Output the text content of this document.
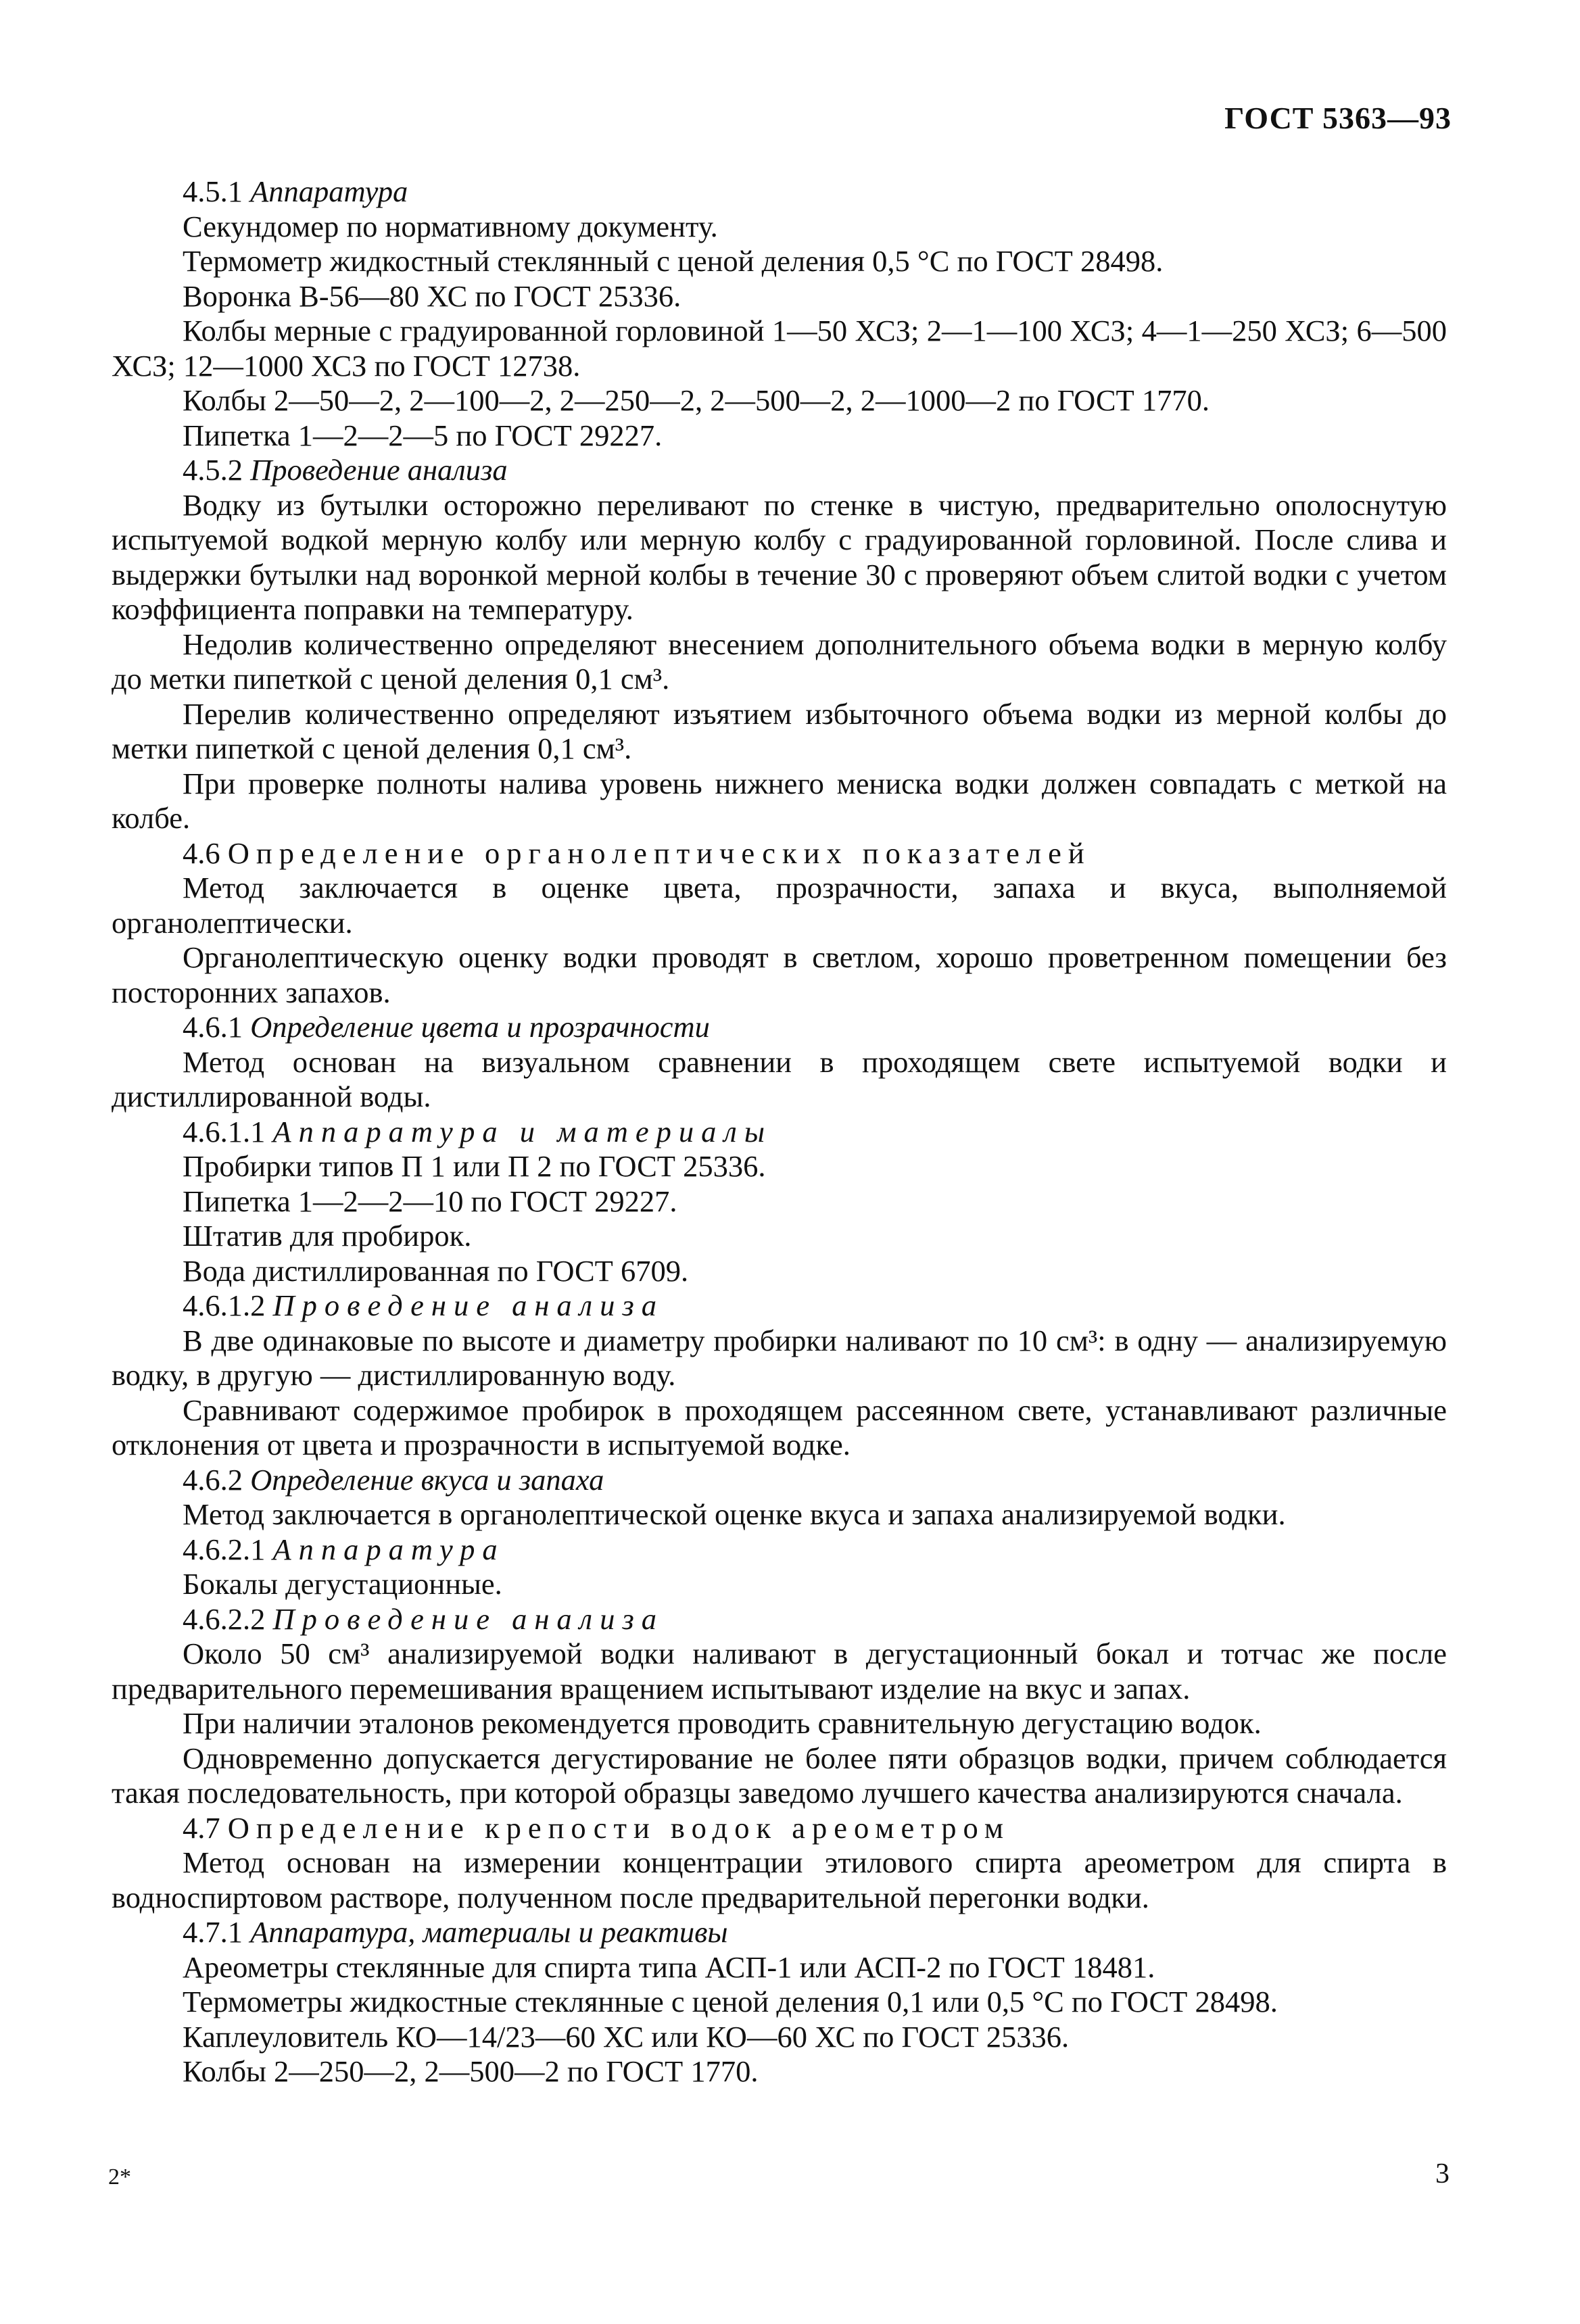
ГОСТ 5363—93

4.5.1 Аппаратура

Секундомер по нормативному документу.

Термометр жидкостный стеклянный с ценой деления 0,5 °С по ГОСТ 28498.

Воронка В-56—80 ХС по ГОСТ 25336.

Колбы мерные с градуированной горловиной 1—50 ХСЗ; 2—1—100 ХСЗ; 4—1—250 ХСЗ; 6—500 ХСЗ; 12—1000 ХСЗ по ГОСТ 12738.

Колбы 2—50—2, 2—100—2, 2—250—2, 2—500—2, 2—1000—2 по ГОСТ 1770.

Пипетка 1—2—2—5 по ГОСТ 29227.

4.5.2 Проведение анализа

Водку из бутылки осторожно переливают по стенке в чистую, предварительно ополоснутую испытуемой водкой мерную колбу или мерную колбу с градуированной горловиной. После слива и выдержки бутылки над воронкой мерной колбы в течение 30 с проверяют объем слитой водки с учетом коэффициента поправки на температуру.

Недолив количественно определяют внесением дополнительного объема водки в мерную колбу до метки пипеткой с ценой деления 0,1 см³.

Перелив количественно определяют изъятием избыточного объема водки из мерной колбы до метки пипеткой с ценой деления 0,1 см³.

При проверке полноты налива уровень нижнего мениска водки должен совпадать с меткой на колбе.

4.6 Определение органолептических показателей

Метод заключается в оценке цвета, прозрачности, запаха и вкуса, выполняемой органолептически.

Органолептическую оценку водки проводят в светлом, хорошо проветренном помещении без посторонних запахов.

4.6.1 Определение цвета и прозрачности

Метод основан на визуальном сравнении в проходящем свете испытуемой водки и дистиллированной воды.

4.6.1.1 Аппаратура и материалы

Пробирки типов П 1 или П 2 по ГОСТ 25336.

Пипетка 1—2—2—10 по ГОСТ 29227.

Штатив для пробирок.

Вода дистиллированная по ГОСТ 6709.

4.6.1.2 Проведение анализа

В две одинаковые по высоте и диаметру пробирки наливают по 10 см³: в одну — анализируемую водку, в другую — дистиллированную воду.

Сравнивают содержимое пробирок в проходящем рассеянном свете, устанавливают различные отклонения от цвета и прозрачности в испытуемой водке.

4.6.2 Определение вкуса и запаха

Метод заключается в органолептической оценке вкуса и запаха анализируемой водки.

4.6.2.1 Аппаратура

Бокалы дегустационные.

4.6.2.2 Проведение анализа

Около 50 см³ анализируемой водки наливают в дегустационный бокал и тотчас же после предварительного перемешивания вращением испытывают изделие на вкус и запах.

При наличии эталонов рекомендуется проводить сравнительную дегустацию водок.

Одновременно допускается дегустирование не более пяти образцов водки, причем соблюдается такая последовательность, при которой образцы заведомо лучшего качества анализируются сначала.

4.7 Определение крепости водок ареометром

Метод основан на измерении концентрации этилового спирта ареометром для спирта в водноспиртовом растворе, полученном после предварительной перегонки водки.

4.7.1 Аппаратура, материалы и реактивы

Ареометры стеклянные для спирта типа АСП-1 или АСП-2 по ГОСТ 18481.

Термометры жидкостные стеклянные с ценой деления 0,1 или 0,5 °С по ГОСТ 28498.

Каплеуловитель КО—14/23—60 ХС или КО—60 ХС по ГОСТ 25336.

Колбы 2—250—2, 2—500—2 по ГОСТ 1770.

2*	3
